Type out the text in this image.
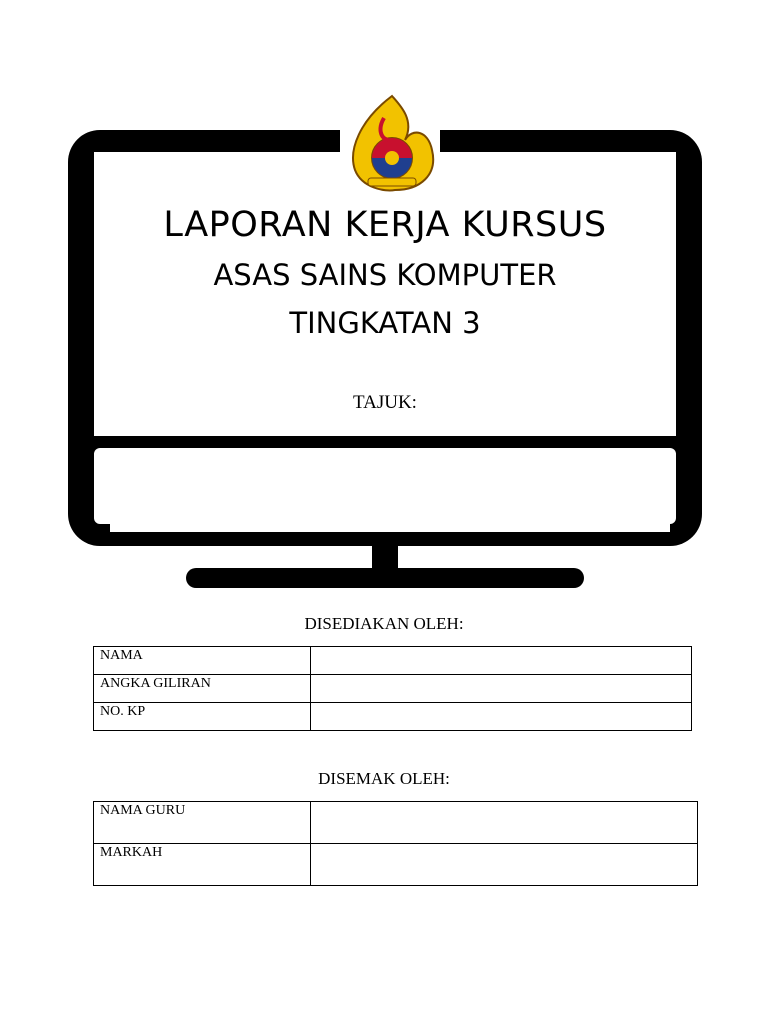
LAPORAN KERJA KURSUS
ASAS SAINS KOMPUTER
TINGKATAN 3
TAJUK:
DISEDIAKAN OLEH:
NAMA	
ANGKA GILIRAN	
NO. KP	
DISEMAK OLEH:
NAMA GURU	
MARKAH	
